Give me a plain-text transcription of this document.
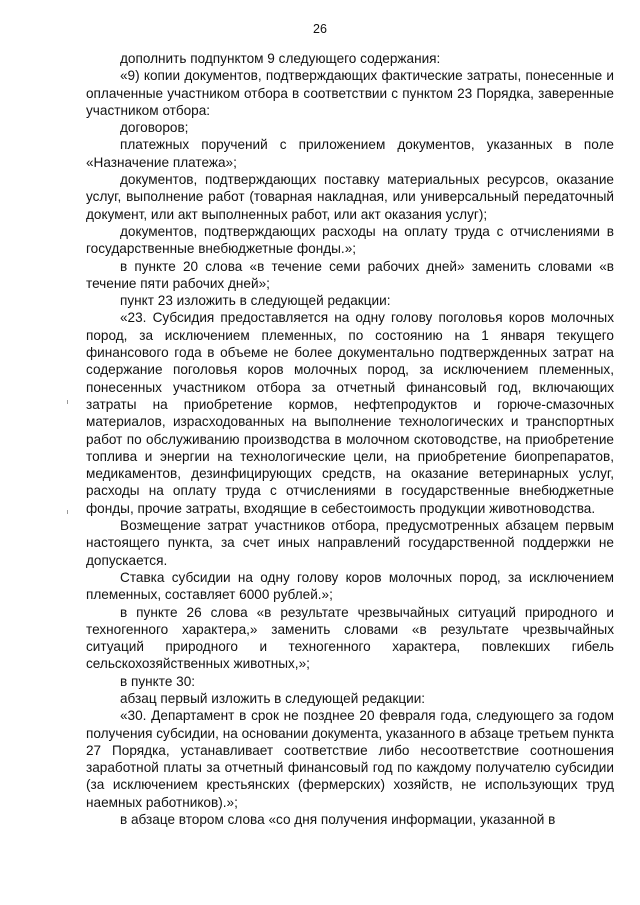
26

дополнить подпунктом 9 следующего содержания:

«9) копии документов, подтверждающих фактические затраты, понесенные и оплаченные участником отбора в соответствии с пунктом 23 Порядка, заверенные участником отбора:

договоров;

платежных поручений с приложением документов, указанных в поле «Назначение платежа»;

документов, подтверждающих поставку материальных ресурсов, оказание услуг, выполнение работ (товарная накладная, или универсальный передаточный документ, или акт выполненных работ, или акт оказания услуг);

документов, подтверждающих расходы на оплату труда с отчислениями в государственные внебюджетные фонды.»;

в пункте 20 слова «в течение семи рабочих дней» заменить словами «в течение пяти рабочих дней»;

пункт 23 изложить в следующей редакции:

«23. Субсидия предоставляется на одну голову поголовья коров молочных пород, за исключением племенных, по состоянию на 1 января текущего финансового года в объеме не более документально подтвержденных затрат на содержание поголовья коров молочных пород, за исключением племенных, понесенных участником отбора за отчетный финансовый год, включающих затраты на приобретение кормов, нефтепродуктов и горюче-смазочных материалов, израсходованных на выполнение технологических и транспортных работ по обслуживанию производства в молочном скотоводстве, на приобретение топлива и энергии на технологические цели, на приобретение биопрепаратов, медикаментов, дезинфицирующих средств, на оказание ветеринарных услуг, расходы на оплату труда с отчислениями в государственные внебюджетные фонды, прочие затраты, входящие в себестоимость продукции животноводства.

Возмещение затрат участников отбора, предусмотренных абзацем первым настоящего пункта, за счет иных направлений государственной поддержки не допускается.

Ставка субсидии на одну голову коров молочных пород, за исключением племенных, составляет 6000 рублей.»;

в пункте 26 слова «в результате чрезвычайных ситуаций природного и техногенного характера,» заменить словами «в результате чрезвычайных ситуаций природного и техногенного характера, повлекших гибель сельскохозяйственных животных,»;

в пункте 30:

абзац первый изложить в следующей редакции:

«30. Департамент в срок не позднее 20 февраля года, следующего за годом получения субсидии, на основании документа, указанного в абзаце третьем пункта 27 Порядка, устанавливает соответствие либо несоответствие соотношения заработной платы за отчетный финансовый год по каждому получателю субсидии (за исключением крестьянских (фермерских) хозяйств, не использующих труд наемных работников).»;

в абзаце втором слова «со дня получения информации, указанной в
